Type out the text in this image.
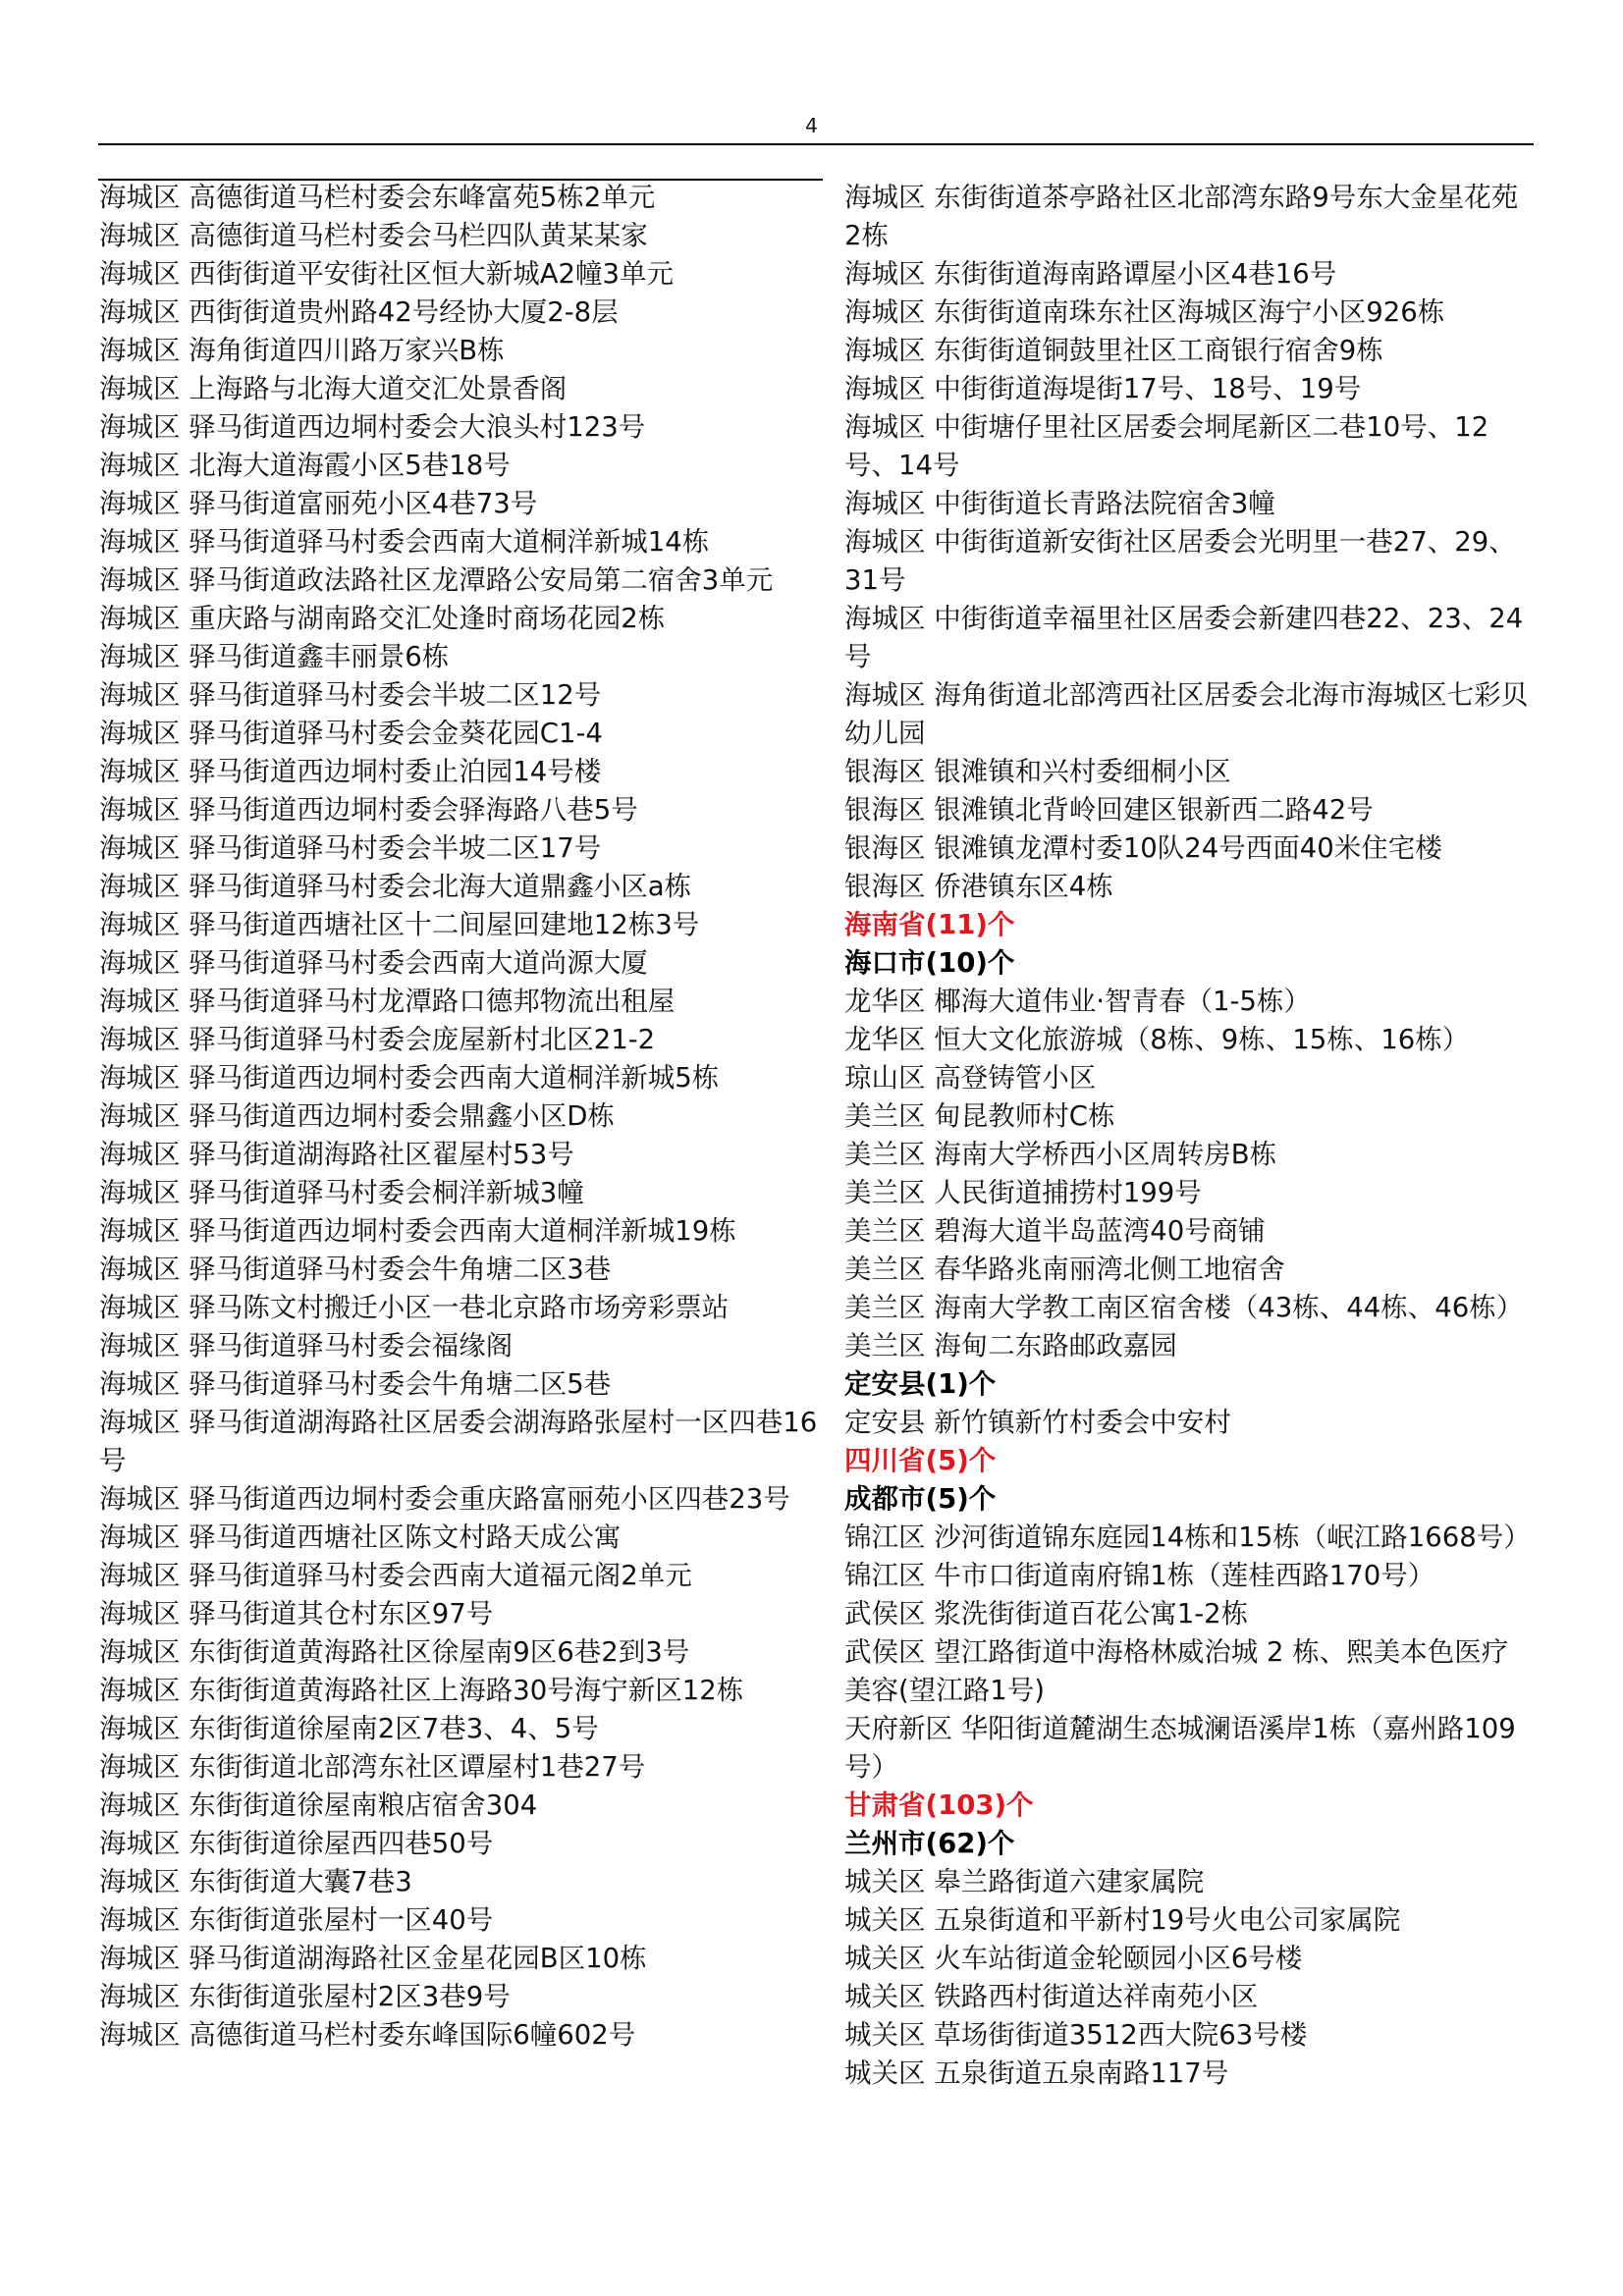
4

海城区 高德街道马栏村委会东峰富苑5栋2单元

海城区 高德街道马栏村委会马栏四队黄某某家

海城区 西街街道平安街社区恒大新城A2幢3单元

海城区 西街街道贵州路42号经协大厦2-8层

海城区 海角街道四川路万家兴B栋

海城区 上海路与北海大道交汇处景香阁

海城区 驿马街道西边垌村委会大浪头村123号

海城区 北海大道海霞小区5巷18号

海城区 驿马街道富丽苑小区4巷73号

海城区 驿马街道驿马村委会西南大道桐洋新城14栋

海城区 驿马街道政法路社区龙潭路公安局第二宿舍3单元

海城区 重庆路与湖南路交汇处逢时商场花园2栋

海城区 驿马街道鑫丰丽景6栋

海城区 驿马街道驿马村委会半坡二区12号

海城区 驿马街道驿马村委会金葵花园C1-4

海城区 驿马街道西边垌村委止泊园14号楼

海城区 驿马街道西边垌村委会驿海路八巷5号

海城区 驿马街道驿马村委会半坡二区17号

海城区 驿马街道驿马村委会北海大道鼎鑫小区a栋

海城区 驿马街道西塘社区十二间屋回建地12栋3号

海城区 驿马街道驿马村委会西南大道尚源大厦

海城区 驿马街道驿马村龙潭路口德邦物流出租屋

海城区 驿马街道驿马村委会庞屋新村北区21-2

海城区 驿马街道西边垌村委会西南大道桐洋新城5栋

海城区 驿马街道西边垌村委会鼎鑫小区D栋

海城区 驿马街道湖海路社区翟屋村53号

海城区 驿马街道驿马村委会桐洋新城3幢

海城区 驿马街道西边垌村委会西南大道桐洋新城19栋

海城区 驿马街道驿马村委会牛角塘二区3巷

海城区 驿马陈文村搬迁小区一巷北京路市场旁彩票站

海城区 驿马街道驿马村委会福缘阁

海城区 驿马街道驿马村委会牛角塘二区5巷

海城区 驿马街道湖海路社区居委会湖海路张屋村一区四巷16号

海城区 驿马街道西边垌村委会重庆路富丽苑小区四巷23号

海城区 驿马街道西塘社区陈文村路天成公寓

海城区 驿马街道驿马村委会西南大道福元阁2单元

海城区 驿马街道其仓村东区97号

海城区 东街街道黄海路社区徐屋南9区6巷2到3号

海城区 东街街道黄海路社区上海路30号海宁新区12栋

海城区 东街街道徐屋南2区7巷3、4、5号

海城区 东街街道北部湾东社区谭屋村1巷27号

海城区 东街街道徐屋南粮店宿舍304

海城区 东街街道徐屋西四巷50号

海城区 东街街道大囊7巷3

海城区 东街街道张屋村一区40号

海城区 驿马街道湖海路社区金星花园B区10栋

海城区 东街街道张屋村2区3巷9号

海城区 高德街道马栏村委东峰国际6幢602号

海城区 东街街道茶亭路社区北部湾东路9号东大金星花苑2栋

海城区 东街街道海南路谭屋小区4巷16号

海城区 东街街道南珠东社区海城区海宁小区926栋

海城区 东街街道铜鼓里社区工商银行宿舍9栋

海城区 中街街道海堤街17号、18号、19号

海城区 中街塘仔里社区居委会垌尾新区二巷10号、12号、14号

海城区 中街街道长青路法院宿舍3幢

海城区 中街街道新安街社区居委会光明里一巷27、29、31号

海城区 中街街道幸福里社区居委会新建四巷22、23、24号

海城区 海角街道北部湾西社区居委会北海市海城区七彩贝幼儿园

银海区 银滩镇和兴村委细桐小区

银海区 银滩镇北背岭回建区银新西二路42号

银海区 银滩镇龙潭村委10队24号西面40米住宅楼

银海区 侨港镇东区4栋

海南省(11)个

海口市(10)个

龙华区 椰海大道伟业·智青春（1-5栋）

龙华区 恒大文化旅游城（8栋、9栋、15栋、16栋）

琼山区 高登铸管小区

美兰区 甸昆教师村C栋

美兰区 海南大学桥西小区周转房B栋

美兰区 人民街道捕捞村199号

美兰区 碧海大道半岛蓝湾40号商铺

美兰区 春华路兆南丽湾北侧工地宿舍

美兰区 海南大学教工南区宿舍楼（43栋、44栋、46栋）

美兰区 海甸二东路邮政嘉园

定安县(1)个

定安县 新竹镇新竹村委会中安村

四川省(5)个

成都市(5)个

锦江区 沙河街道锦东庭园14栋和15栋（岷江路1668号）

锦江区 牛市口街道南府锦1栋（莲桂西路170号）

武侯区 浆洗街街道百花公寓1-2栋

武侯区 望江路街道中海格林威治城 2 栋、熙美本色医疗美容(望江路1号)

天府新区 华阳街道麓湖生态城澜语溪岸1栋（嘉州路109号）

甘肃省(103)个

兰州市(62)个

城关区 皋兰路街道六建家属院

城关区 五泉街道和平新村19号火电公司家属院

城关区 火车站街道金轮颐园小区6号楼

城关区 铁路西村街道达祥南苑小区

城关区 草场街街道3512西大院63号楼

城关区 五泉街道五泉南路117号
